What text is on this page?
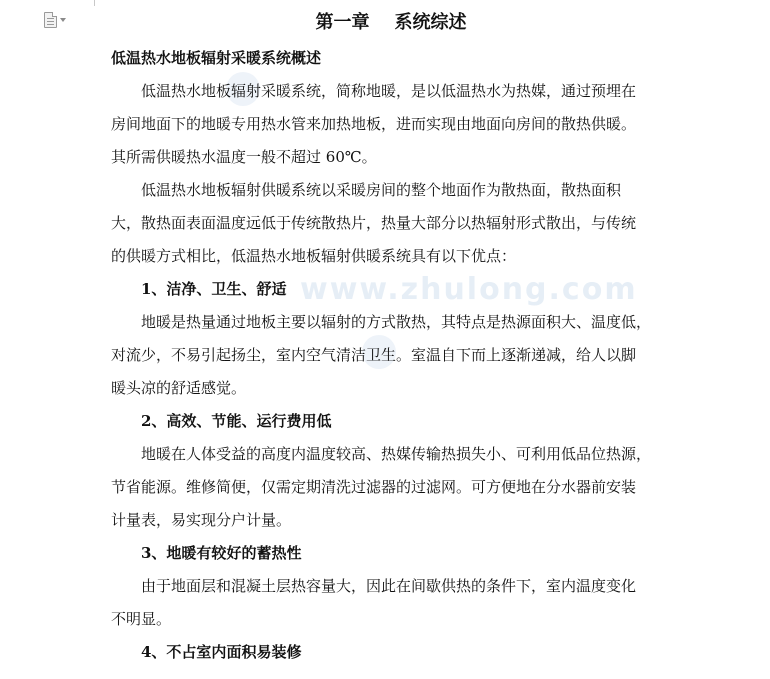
www.zhulong.com
第一章    系统综述
低温热水地板辐射采暖系统概述

低温热水地板辐射采暖系统，简称地暖，是以低温热水为热媒，通过预埋在
房间地面下的地暖专用热水管来加热地板，进而实现由地面向房间的散热供暖。
其所需供暖热水温度一般不超过 60℃。

低温热水地板辐射供暖系统以采暖房间的整个地面作为散热面，散热面积
大，散热面表面温度远低于传统散热片，热量大部分以热辐射形式散出，与传统
的供暖方式相比，低温热水地板辐射供暖系统具有以下优点：

1、洁净、卫生、舒适

地暖是热量通过地板主要以辐射的方式散热，其特点是热源面积大、温度低，
对流少，不易引起扬尘，室内空气清洁卫生。室温自下而上逐渐递减，给人以脚
暖头凉的舒适感觉。

2、高效、节能、运行费用低

地暖在人体受益的高度内温度较高、热媒传输热损失小、可利用低品位热源，
节省能源。维修简便，仅需定期清洗过滤器的过滤网。可方便地在分水器前安装
计量表，易实现分户计量。

3、地暖有较好的蓄热性

由于地面层和混凝土层热容量大，因此在间歇供热的条件下，室内温度变化
不明显。

4、不占室内面积易装修
